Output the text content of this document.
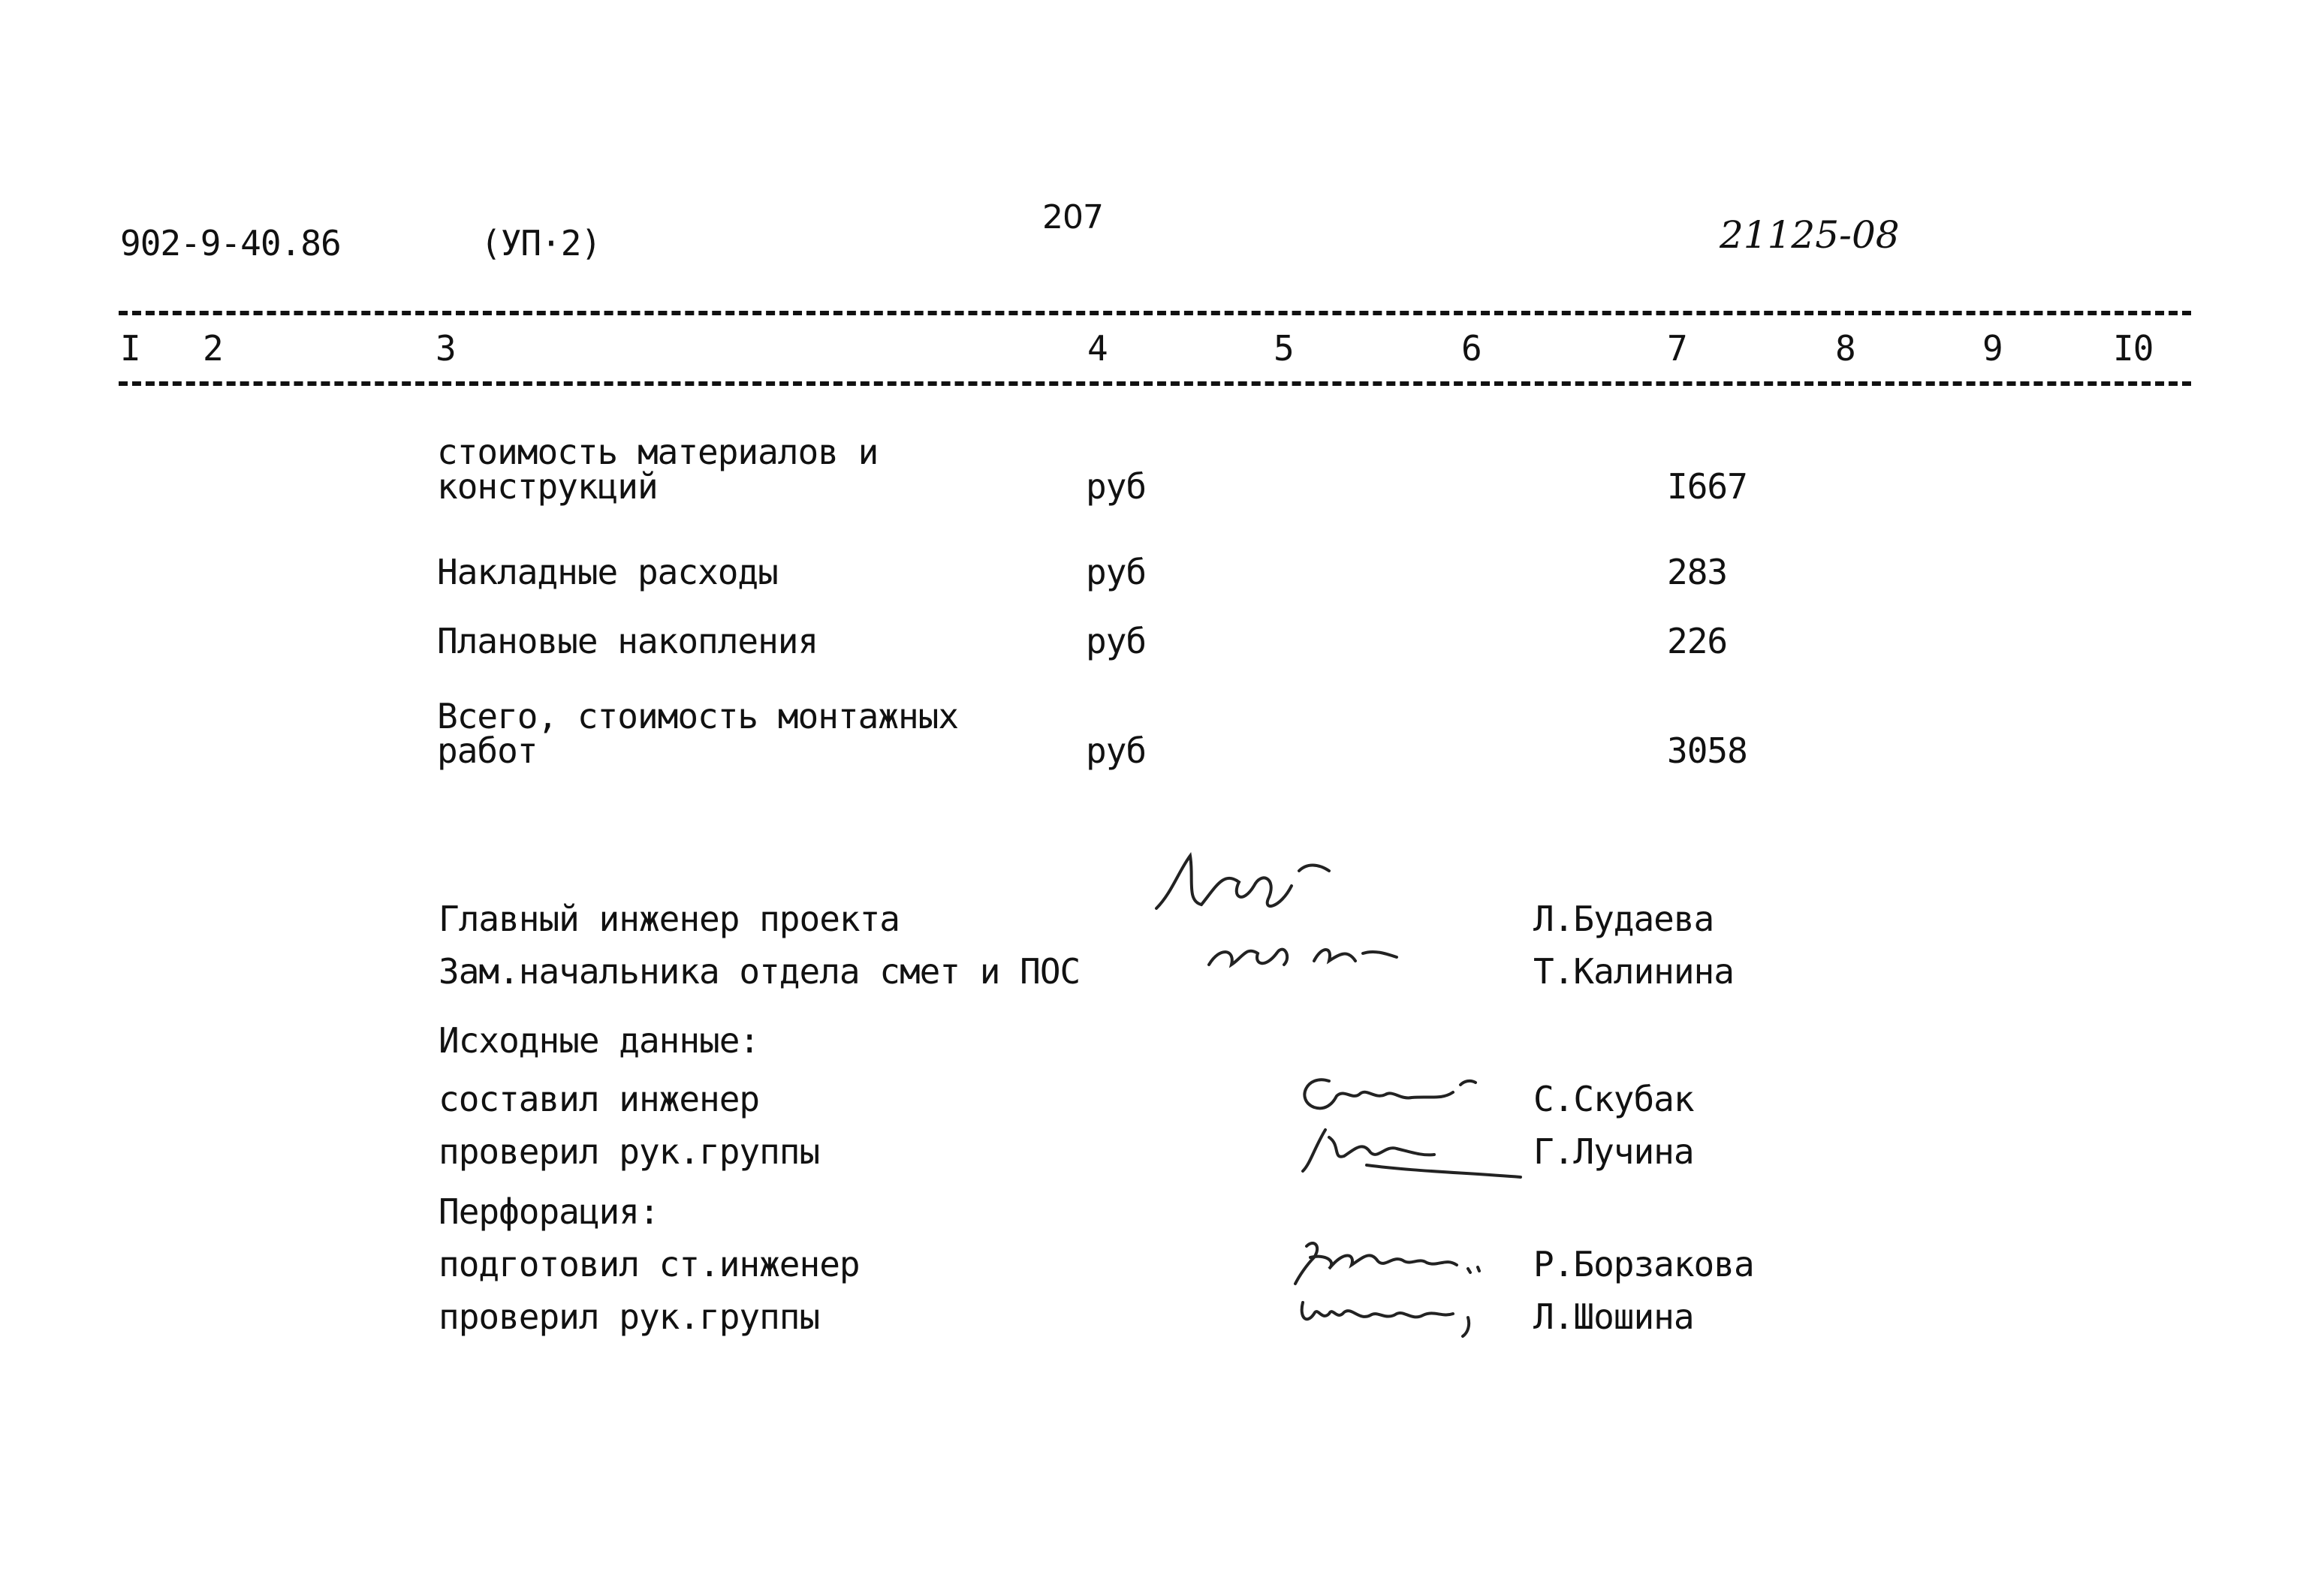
902-9-40.86	(УП·2)
207	21125-08
I 2	3	4	5	6	7	8	9	I0
стоимость материалов и
конструкций	руб	I667
Накладные расходы	руб	283
Плановые накопления	руб	226
Всего, стоимость монтажных
работ	руб	3058
Главный инженер проекта	Л.Будаева
Зам.начальника отдела смет и ПОС	Т.Калинина
Исходные данные:
составил инженер	С.Скубак
проверил рук.группы	Г.Лучина
Перфорация:
подготовил ст.инженер	Р.Борзакова
проверил рук.группы	Л.Шошина
